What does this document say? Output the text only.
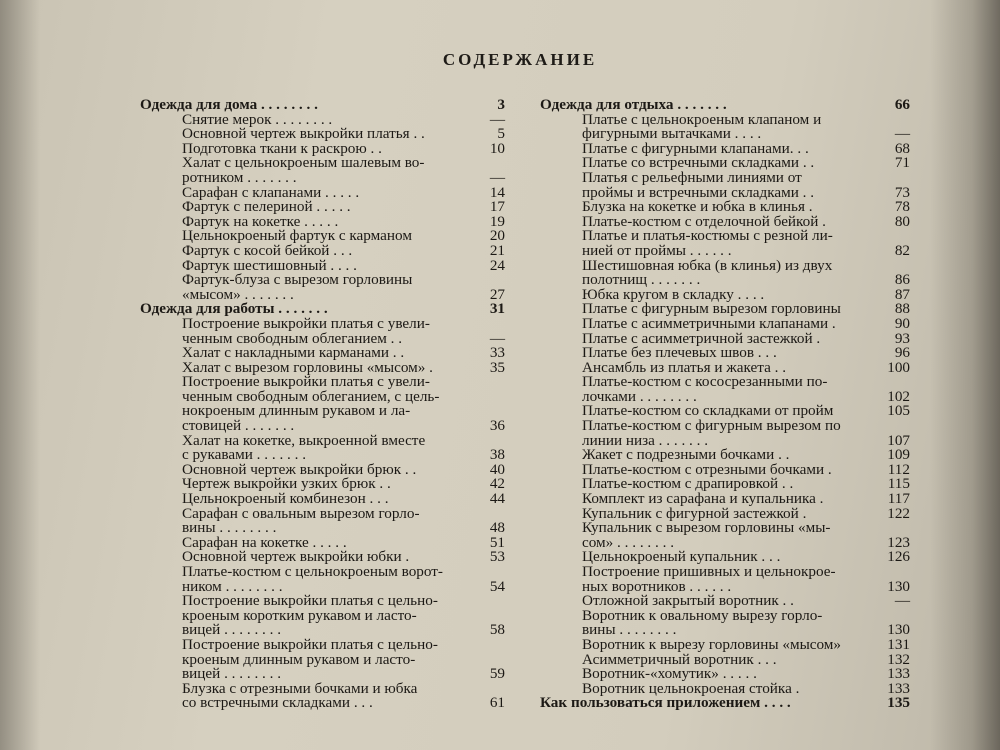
СОДЕРЖАНИЕ
Одежда для дома . . . . . . . .	3
Снятие мерок . . . . . . . .	—
Основной чертеж выкройки платья . .	5
Подготовка ткани к раскрою . .	10
Халат с цельнокроеным шалевым во-
ротником . . . . . . .	—
Сарафан с клапанами . . . . .	14
Фартук с пелериной . . . . .	17
Фартук на кокетке . . . . .	19
Цельнокроеный фартук с карманом	20
Фартук с косой бейкой . . .	21
Фартук шестишовный . . . .	24
Фартук-блуза с вырезом горловины
«мысом» . . . . . . .	27
Одежда для работы . . . . . . .	31
Построение выкройки платья с увели-
ченным свободным облеганием . .	—
Халат с накладными карманами . .	33
Халат с вырезом горловины «мысом» .	35
Построение выкройки платья с увели-
ченным свободным облеганием, с цель-
нокроеным длинным рукавом и ла-
стовицей . . . . . . .	36
Халат на кокетке, выкроенной вместе
с рукавами . . . . . . .	38
Основной чертеж выкройки брюк . .	40
Чертеж выкройки узких брюк . .	42
Цельнокроеный комбинезон . . .	44
Сарафан с овальным вырезом горло-
вины . . . . . . . .	48
Сарафан на кокетке . . . . .	51
Основной чертеж выкройки юбки .	53
Платье-костюм с цельнокроеным ворот-
ником . . . . . . . .	54
Построение выкройки платья с цельно-
кроеным коротким рукавом и ласто-
вицей . . . . . . . .	58
Построение выкройки платья с цельно-
кроеным длинным рукавом и ласто-
вицей . . . . . . . .	59
Блузка с отрезными бочками и юбка
со встречными складками . . .	61
Одежда для отдыха . . . . . . .	66
Платье с цельнокроеным клапаном и
фигурными вытачками . . . .	—
Платье с фигурными клапанами. . .	68
Платье со встречными складками . .	71
Платья с рельефными линиями от
проймы и встречными складками . .	73
Блузка на кокетке и юбка в клинья .	78
Платье-костюм с отделочной бейкой .	80
Платье и платья-костюмы с резной ли-
нией от проймы . . . . . .	82
Шестишовная юбка (в клинья) из двух
полотнищ . . . . . . .	86
Юбка кругом в складку . . . .	87
Платье с фигурным вырезом горловины	88
Платье с асимметричными клапанами .	90
Платье с асимметричной застежкой .	93
Платье без плечевых швов . . .	96
Ансамбль из платья и жакета . .	100
Платье-костюм с кососрезанными по-
лочками . . . . . . . .	102
Платье-костюм со складками от пройм	105
Платье-костюм с фигурным вырезом по
линии низа . . . . . . .	107
Жакет с подрезными бочками . .	109
Платье-костюм с отрезными бочками .	112
Платье-костюм с драпировкой . .	115
Комплект из сарафана и купальника .	117
Купальник с фигурной застежкой .	122
Купальник с вырезом горловины «мы-
сом» . . . . . . . .	123
Цельнокроеный купальник . . .	126
Построение пришивных и цельнокрое-
ных воротников . . . . . .	130
Отложной закрытый воротник . .	—
Воротник к овальному вырезу горло-
вины . . . . . . . .	130
Воротник к вырезу горловины «мысом»	131
Асимметричный воротник . . .	132
Воротник-«хомутик» . . . . .	133
Воротник цельнокроеная стойка .	133
Как пользоваться приложением . . . .	135
